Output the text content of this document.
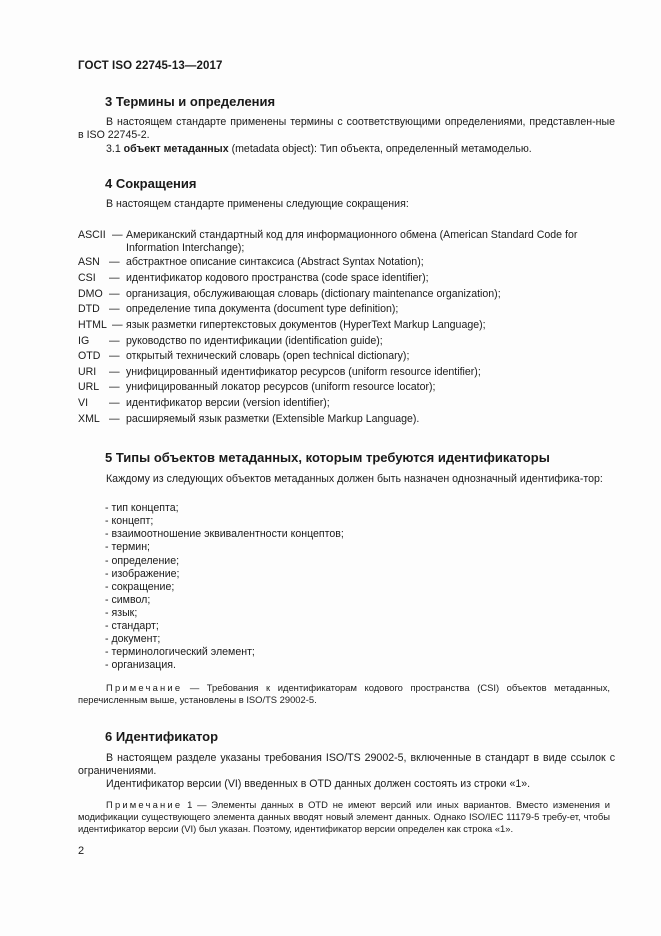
ГОСТ ISO 22745-13—2017
3 Термины и определения
В настоящем стандарте применены термины с соответствующими определениями, представлен-ные в ISO 22745-2.
3.1 объект метаданных (metadata object): Тип объекта, определенный метамоделью.
4 Сокращения
В настоящем стандарте применены следующие сокращения:
ASCII — Американский стандартный код для информационного обмена (American Standard Code for Information Interchange);
ASN — абстрактное описание синтаксиса (Abstract Syntax Notation);
CSI	— идентификатор кодового пространства (code space identifier);
DMO — организация, обслуживающая словарь (dictionary maintenance organization);
DTD — определение типа документа (document type definition);
HTML — язык разметки гипертекстовых документов (HyperText Markup Language);
IG	— руководство по идентификации (identification guide);
OTD — открытый технический словарь (open technical dictionary);
URI	— унифицированный идентификатор ресурсов (uniform resource identifier);
URL — унифицированный локатор ресурсов (uniform resource locator);
VI	— идентификатор версии (version identifier);
XML — расширяемый язык разметки (Extensible Markup Language).
5 Типы объектов метаданных, которым требуются идентификаторы
Каждому из следующих объектов метаданных должен быть назначен однозначный идентифика-тор:
- тип концепта;
- концепт;
- взаимоотношение эквивалентности концептов;
- термин;
- определение;
- изображение;
- сокращение;
- символ;
- язык;
- стандарт;
- документ;
- терминологический элемент;
- организация.
Примечание — Требования к идентификаторам кодового пространства (CSI) объектов метаданных, перечисленным выше, установлены в ISO/TS 29002-5.
6 Идентификатор
В настоящем разделе указаны требования ISO/TS 29002-5, включенные в стандарт в виде ссылок с ограничениями.
Идентификатор версии (VI) введенных в OTD данных должен состоять из строки «1».
Примечание 1 — Элементы данных в OTD не имеют версий или иных вариантов. Вместо изменения и модификации существующего элемента данных вводят новый элемент данных. Однако ISO/IEC 11179-5 требу-ет, чтобы идентификатор версии (VI) был указан. Поэтому, идентификатор версии определен как строка «1».
2
